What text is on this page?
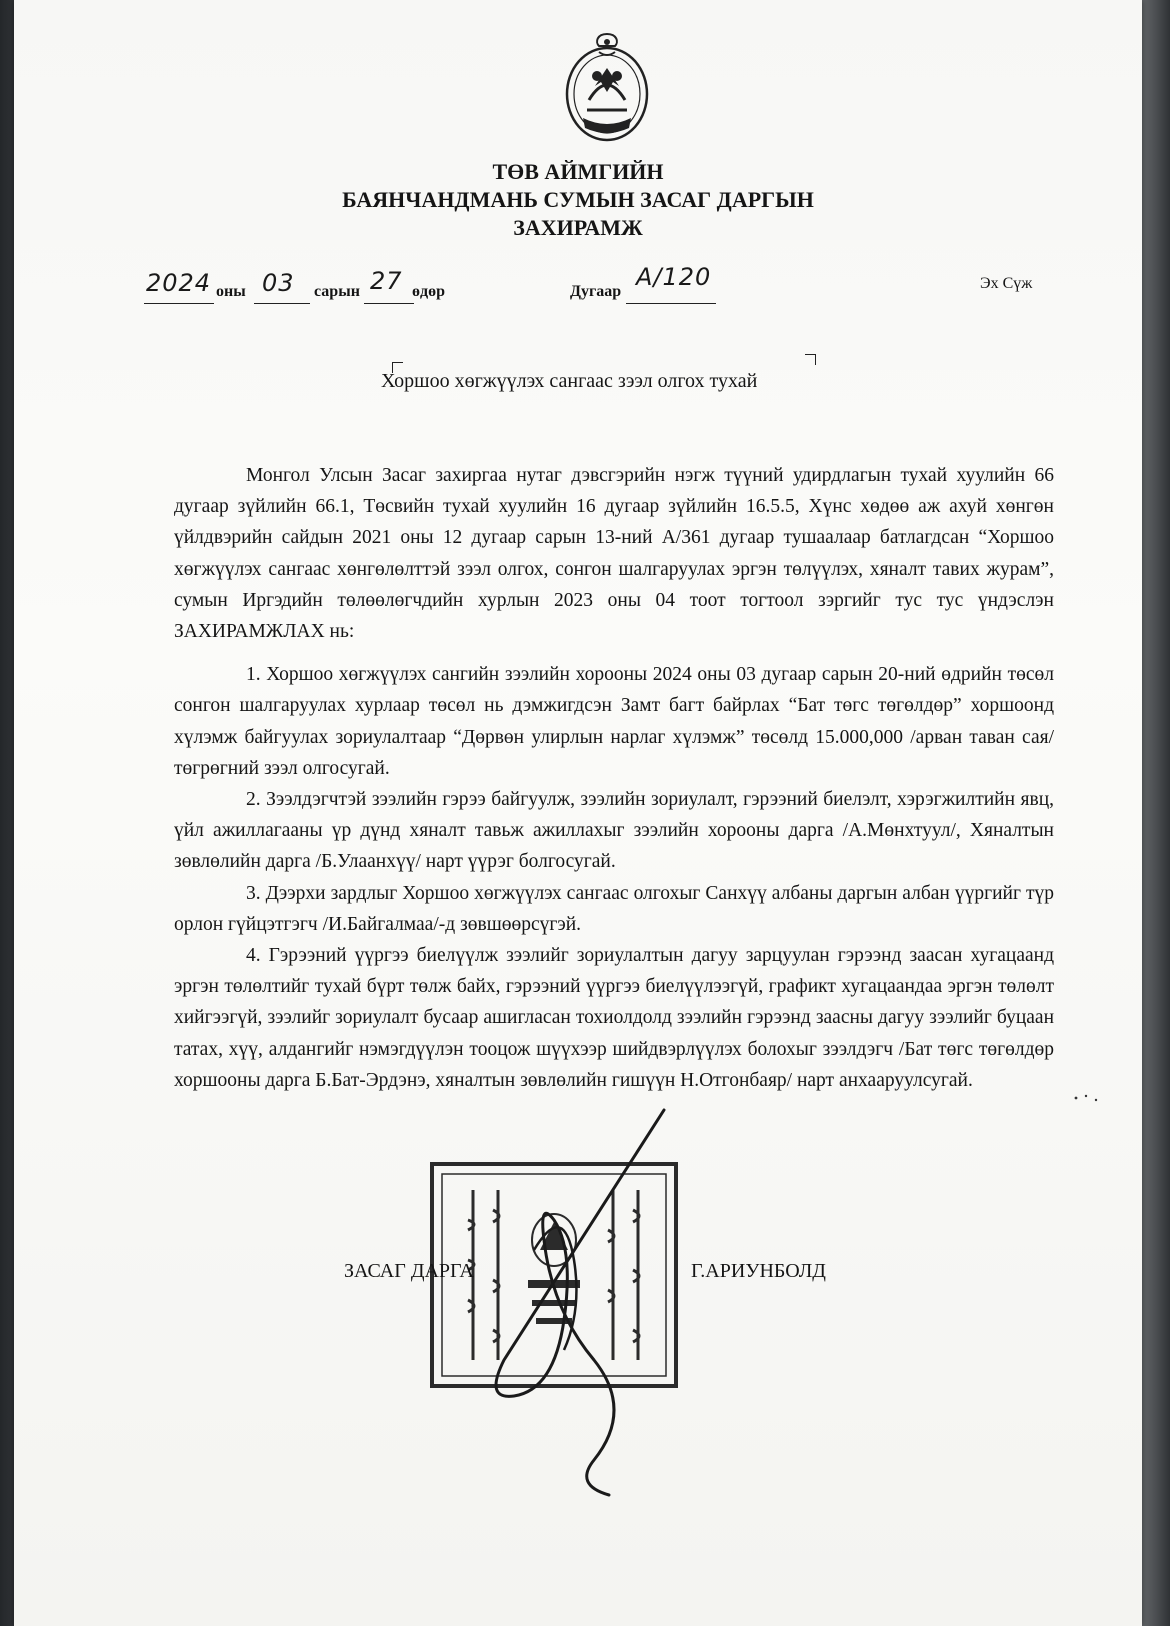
ТӨВ АЙМГИЙН
БАЯНЧАНДМАНЬ СУМЫН ЗАСАГ ДАРГЫН
ЗАХИРАМЖ
2024 оны 03 сарын 27 өдөр	Дугаар
А/120	Эх Сүж
Хоршоо хөгжүүлэх сангаас зээл олгох тухай

Монгол Улсын Засаг захиргаа нутаг дэвсгэрийн нэгж түүний удирдлагын тухай хуулийн 66 дугаар зүйлийн 66.1, Төсвийн тухай хуулийн 16 дугаар зүйлийн 16.5.5, Хүнс хөдөө аж ахуй хөнгөн үйлдвэрийн сайдын 2021 оны 12 дугаар сарын 13-ний А/361 дугаар тушаалаар батлагдсан “Хоршоо хөгжүүлэх сангаас хөнгөлөлттэй зээл олгох, сонгон шалгаруулах эргэн төлүүлэх, хяналт тавих журам”, сумын Иргэдийн төлөөлөгчдийн хурлын 2023 оны 04 тоот тогтоол зэргийг тус тус үндэслэн ЗАХИРАМЖЛАХ нь:

1. Хоршоо хөгжүүлэх сангийн зээлийн хорооны 2024 оны 03 дугаар сарын 20-ний өдрийн төсөл сонгон шалгаруулах хурлаар төсөл нь дэмжигдсэн Замт багт байрлах “Бат төгс төгөлдөр” хоршоонд хүлэмж байгуулах зориулалтаар “Дөрвөн улирлын нарлаг хүлэмж” төсөлд 15.000,000 /арван таван сая/ төгрөгний зээл олгосугай.

2. Зээлдэгчтэй зээлийн гэрээ байгуулж, зээлийн зориулалт, гэрээний биелэлт, хэрэгжилтийн явц, үйл ажиллагааны үр дүнд хяналт тавьж ажиллахыг зээлийн хорооны дарга /А.Мөнхтуул/, Хяналтын зөвлөлийн дарга /Б.Улаанхүү/ нарт үүрэг болгосугай.

3. Дээрхи зардлыг Хоршоо хөгжүүлэх сангаас олгохыг Санхүү албаны даргын албан үүргийг түр орлон гүйцэтгэгч /И.Байгалмаа/-д зөвшөөрсүгэй.

4. Гэрээний үүргээ биелүүлж зээлийг зориулалтын дагуу зарцуулан гэрээнд заасан хугацаанд эргэн төлөлтийг тухай бүрт төлж байх, гэрээний үүргээ биелүүлээгүй, графикт хугацаандаа эргэн төлөлт хийгээгүй, зээлийг зориулалт бусаар ашигласан тохиолдолд зээлийн гэрээнд заасны дагуу зээлийг буцаан татах, хүү, алдангийг нэмэгдүүлэн тооцож шүүхээр шийдвэрлүүлэх болохыг зээлдэгч /Бат төгс төгөлдөр хоршооны дарга Б.Бат-Эрдэнэ, хяналтын зөвлөлийн гишүүн Н.Отгонбаяр/ нарт анхааруулсугай.

ЗАСАГ ДАРГА	Г.АРИУНБОЛД
